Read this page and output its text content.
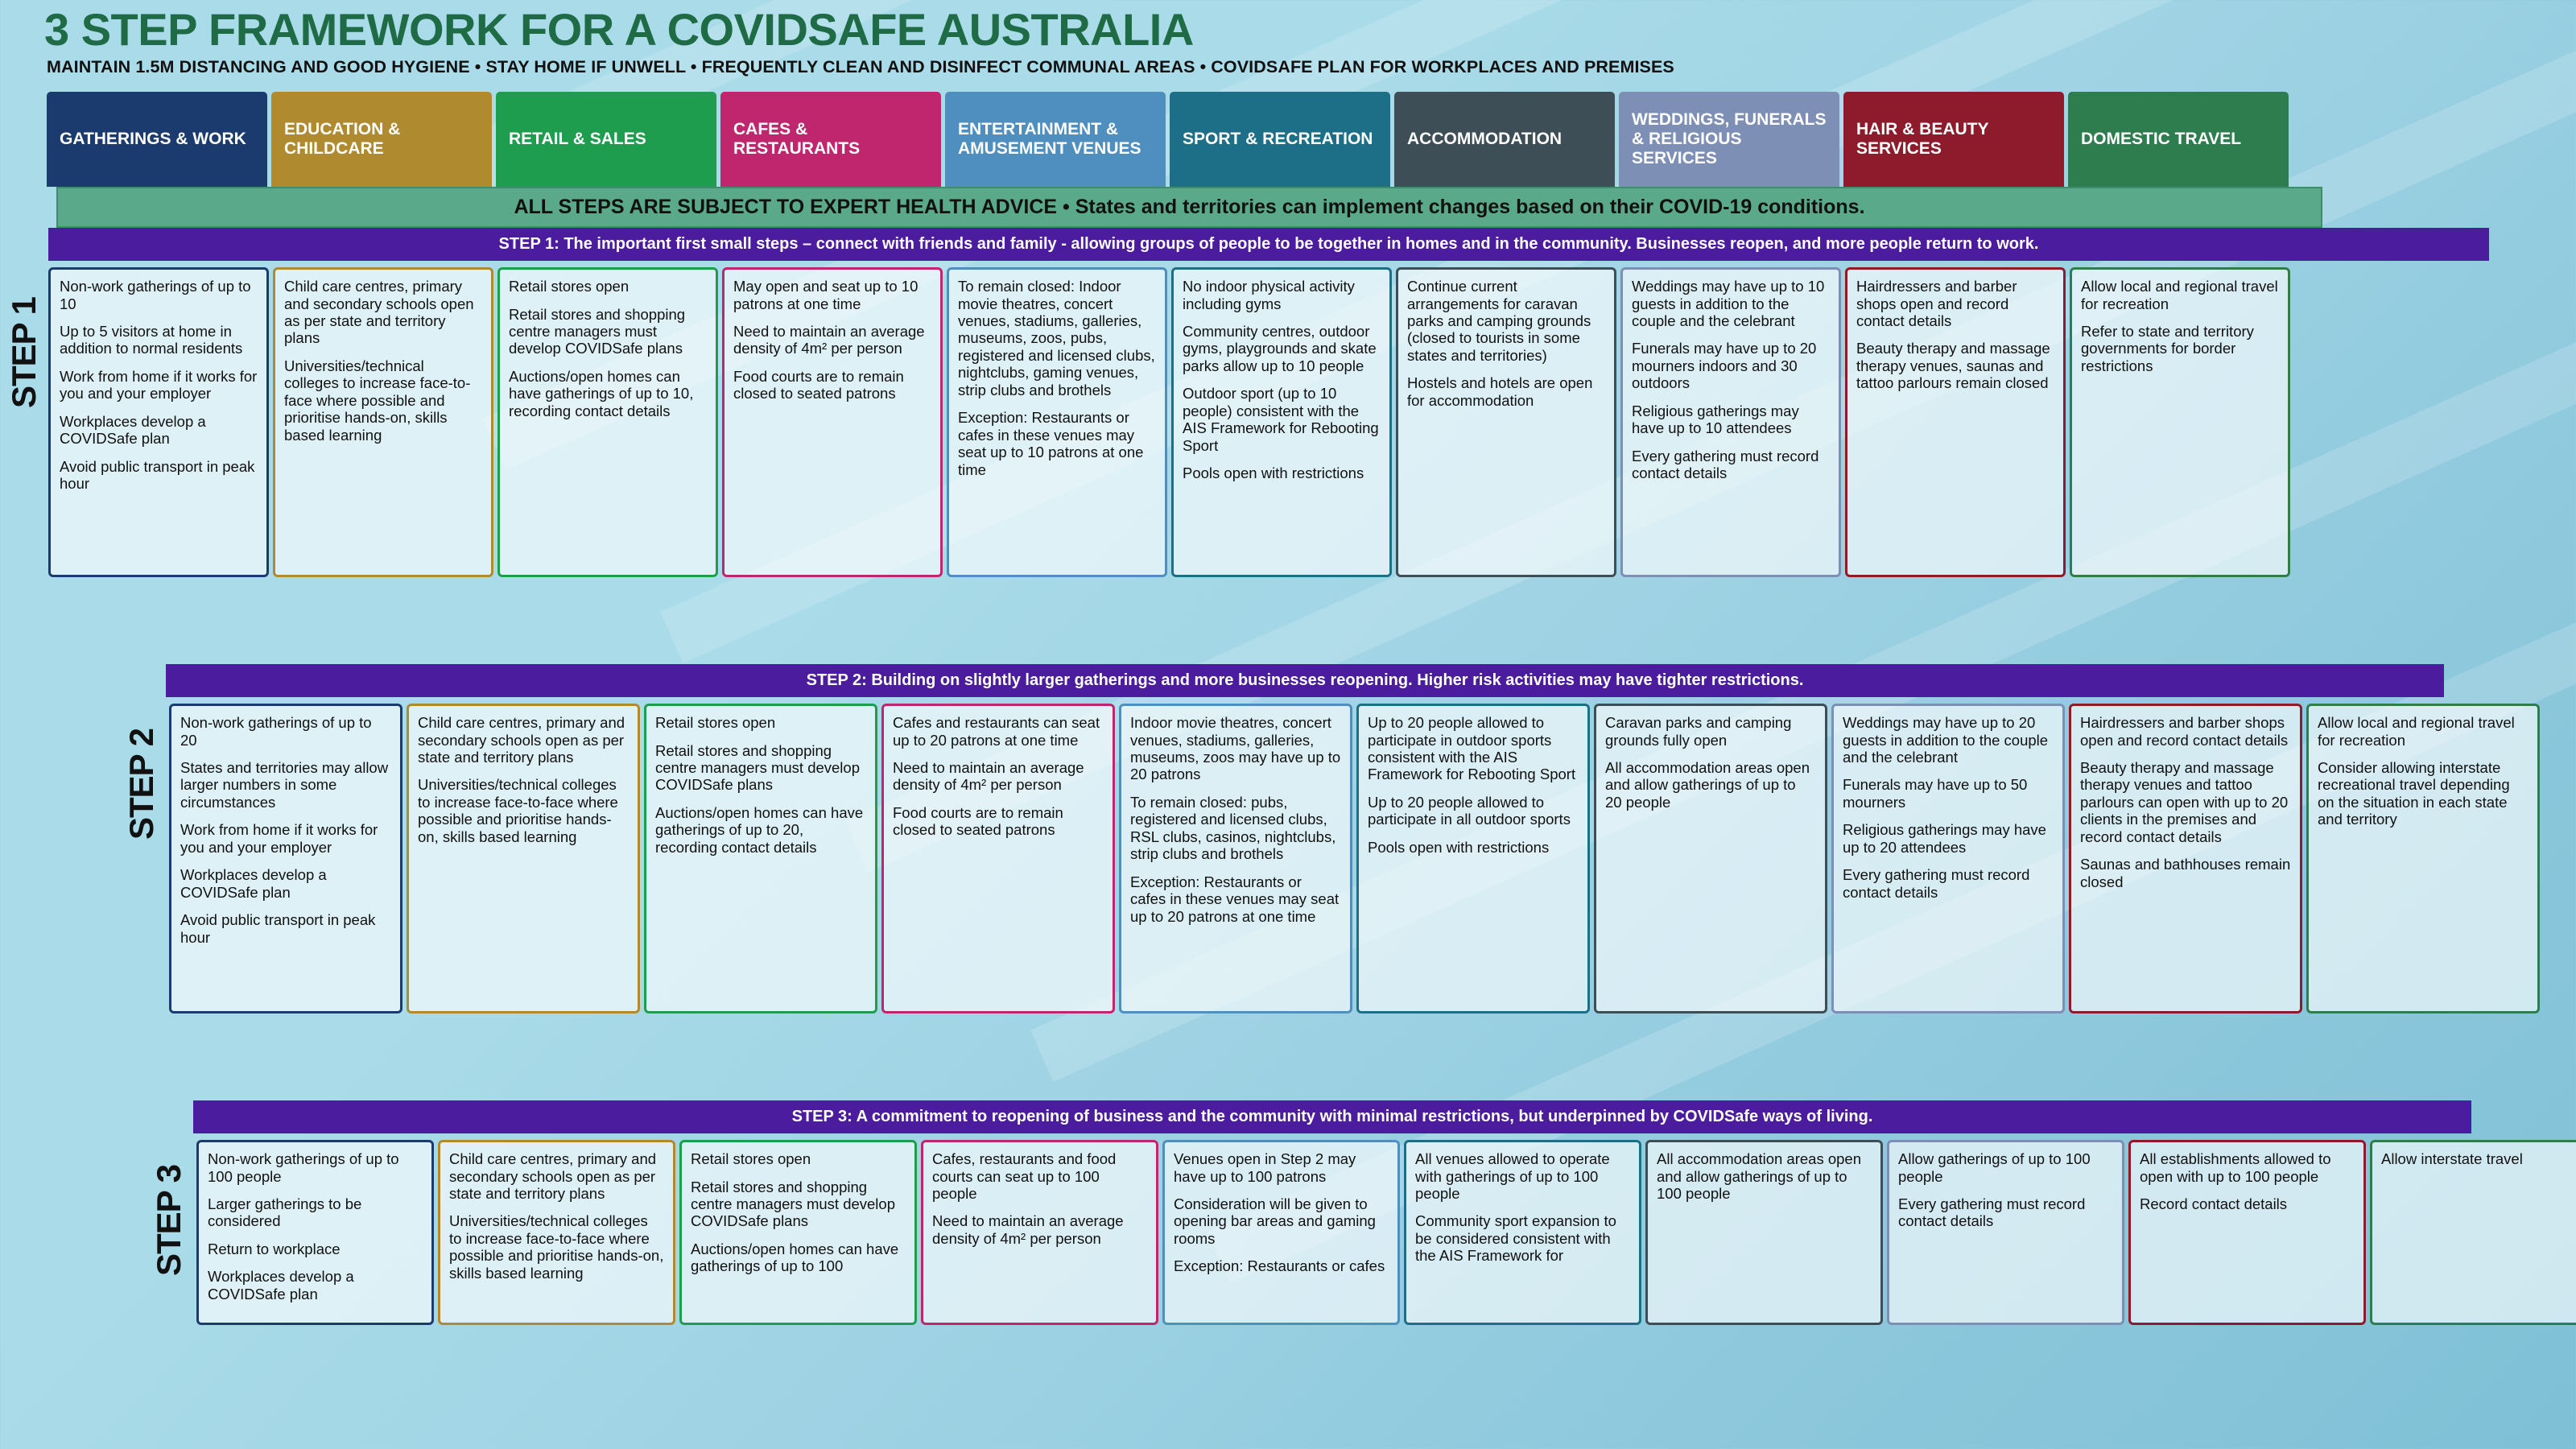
3 STEP FRAMEWORK FOR A COVIDSAFE AUSTRALIA
MAINTAIN 1.5M DISTANCING AND GOOD HYGIENE • STAY HOME IF UNWELL • FREQUENTLY CLEAN AND DISINFECT COMMUNAL AREAS • COVIDSAFE PLAN FOR WORKPLACES AND PREMISES
GATHERINGS & WORK
EDUCATION & CHILDCARE
RETAIL & SALES
CAFES & RESTAURANTS
ENTERTAINMENT & AMUSEMENT VENUES
SPORT & RECREATION ACCOMMODATION
WEDDINGS, FUNERALS & RELIGIOUS SERVICES
HAIR & BEAUTY SERVICES
DOMESTIC TRAVEL
ALL STEPS ARE SUBJECT TO EXPERT HEALTH ADVICE • States and territories can implement changes based on their COVID-19 conditions.
STEP 1
STEP 1: The important first small steps – connect with friends and family - allowing groups of people to be together in homes and in the community. Businesses reopen, and more people return to work.

Non-work gatherings of up to 10

Up to 5 visitors at home in addition to normal residents

Work from home if it works for you and your employer

Workplaces develop a COVIDSafe plan

Avoid public transport in peak hour

Child care centres, primary and secondary schools open as per state and territory plans

Universities/technical colleges to increase face-to-face where possible and prioritise hands-on, skills based learning

Retail stores open

Retail stores and shopping centre managers must develop COVIDSafe plans

Auctions/open homes can have gatherings of up to 10, recording contact details

May open and seat up to 10 patrons at one time

Need to maintain an average density of 4m² per person

Food courts are to remain closed to seated patrons

To remain closed: Indoor movie theatres, concert venues, stadiums, galleries, museums, zoos, pubs, registered and licensed clubs, nightclubs, gaming venues, strip clubs and brothels

Exception: Restaurants or cafes in these venues may seat up to 10 patrons at one time

No indoor physical activity including gyms

Community centres, outdoor gyms, playgrounds and skate parks allow up to 10 people

Outdoor sport (up to 10 people) consistent with the AIS Framework for Rebooting Sport

Pools open with restrictions

Continue current arrangements for caravan parks and camping grounds (closed to tourists in some states and territories)

Hostels and hotels are open for accommodation

Weddings may have up to 10 guests in addition to the couple and the celebrant

Funerals may have up to 20 mourners indoors and 30 outdoors

Religious gatherings may have up to 10 attendees

Every gathering must record contact details

Hairdressers and barber shops open and record contact details

Beauty therapy and massage therapy venues, saunas and tattoo parlours remain closed

Allow local and regional travel for recreation

Refer to state and territory governments for border restrictions

STEP 2
STEP 2: Building on slightly larger gatherings and more businesses reopening. Higher risk activities may have tighter restrictions.

Non-work gatherings of up to 20

States and territories may allow larger numbers in some circumstances

Work from home if it works for you and your employer

Workplaces develop a COVIDSafe plan

Avoid public transport in peak hour

Child care centres, primary and secondary schools open as per state and territory plans

Universities/technical colleges to increase face-to-face where possible and prioritise hands-on, skills based learning

Retail stores open

Retail stores and shopping centre managers must develop COVIDSafe plans

Auctions/open homes can have gatherings of up to 20, recording contact details

Cafes and restaurants can seat up to 20 patrons at one time

Need to maintain an average density of 4m² per person

Food courts are to remain closed to seated patrons

Indoor movie theatres, concert venues, stadiums, galleries, museums, zoos may have up to 20 patrons

To remain closed: pubs, registered and licensed clubs, RSL clubs, casinos, nightclubs, strip clubs and brothels

Exception: Restaurants or cafes in these venues may seat up to 20 patrons at one time

Up to 20 people allowed to participate in outdoor sports consistent with the AIS Framework for Rebooting Sport

Up to 20 people allowed to participate in all outdoor sports

Pools open with restrictions

Caravan parks and camping grounds fully open

All accommodation areas open and allow gatherings of up to 20 people

Weddings may have up to 20 guests in addition to the couple and the celebrant

Funerals may have up to 50 mourners

Religious gatherings may have up to 20 attendees

Every gathering must record contact details

Hairdressers and barber shops open and record contact details

Beauty therapy and massage therapy venues and tattoo parlours can open with up to 20 clients in the premises and record contact details

Saunas and bathhouses remain closed

Allow local and regional travel for recreation

Consider allowing interstate recreational travel depending on the situation in each state and territory

STEP 3
STEP 3: A commitment to reopening of business and the community with minimal restrictions, but underpinned by COVIDSafe ways of living.

Non-work gatherings of up to 100 people

Larger gatherings to be considered

Return to workplace

Workplaces develop a COVIDSafe plan

Child care centres, primary and secondary schools open as per state and territory plans

Universities/technical colleges to increase face-to-face where possible and prioritise hands-on, skills based learning

Retail stores open

Retail stores and shopping centre managers must develop COVIDSafe plans

Auctions/open homes can have gatherings of up to 100

Cafes, restaurants and food courts can seat up to 100 people

Need to maintain an average density of 4m² per person

Venues open in Step 2 may have up to 100 patrons

Consideration will be given to opening bar areas and gaming rooms

Exception: Restaurants or cafes

All venues allowed to operate with gatherings of up to 100 people

Community sport expansion to be considered consistent with the AIS Framework for

All accommodation areas open and allow gatherings of up to 100 people

Allow gatherings of up to 100 people

Every gathering must record contact details

All establishments allowed to open with up to 100 people

Record contact details

Allow interstate travel
